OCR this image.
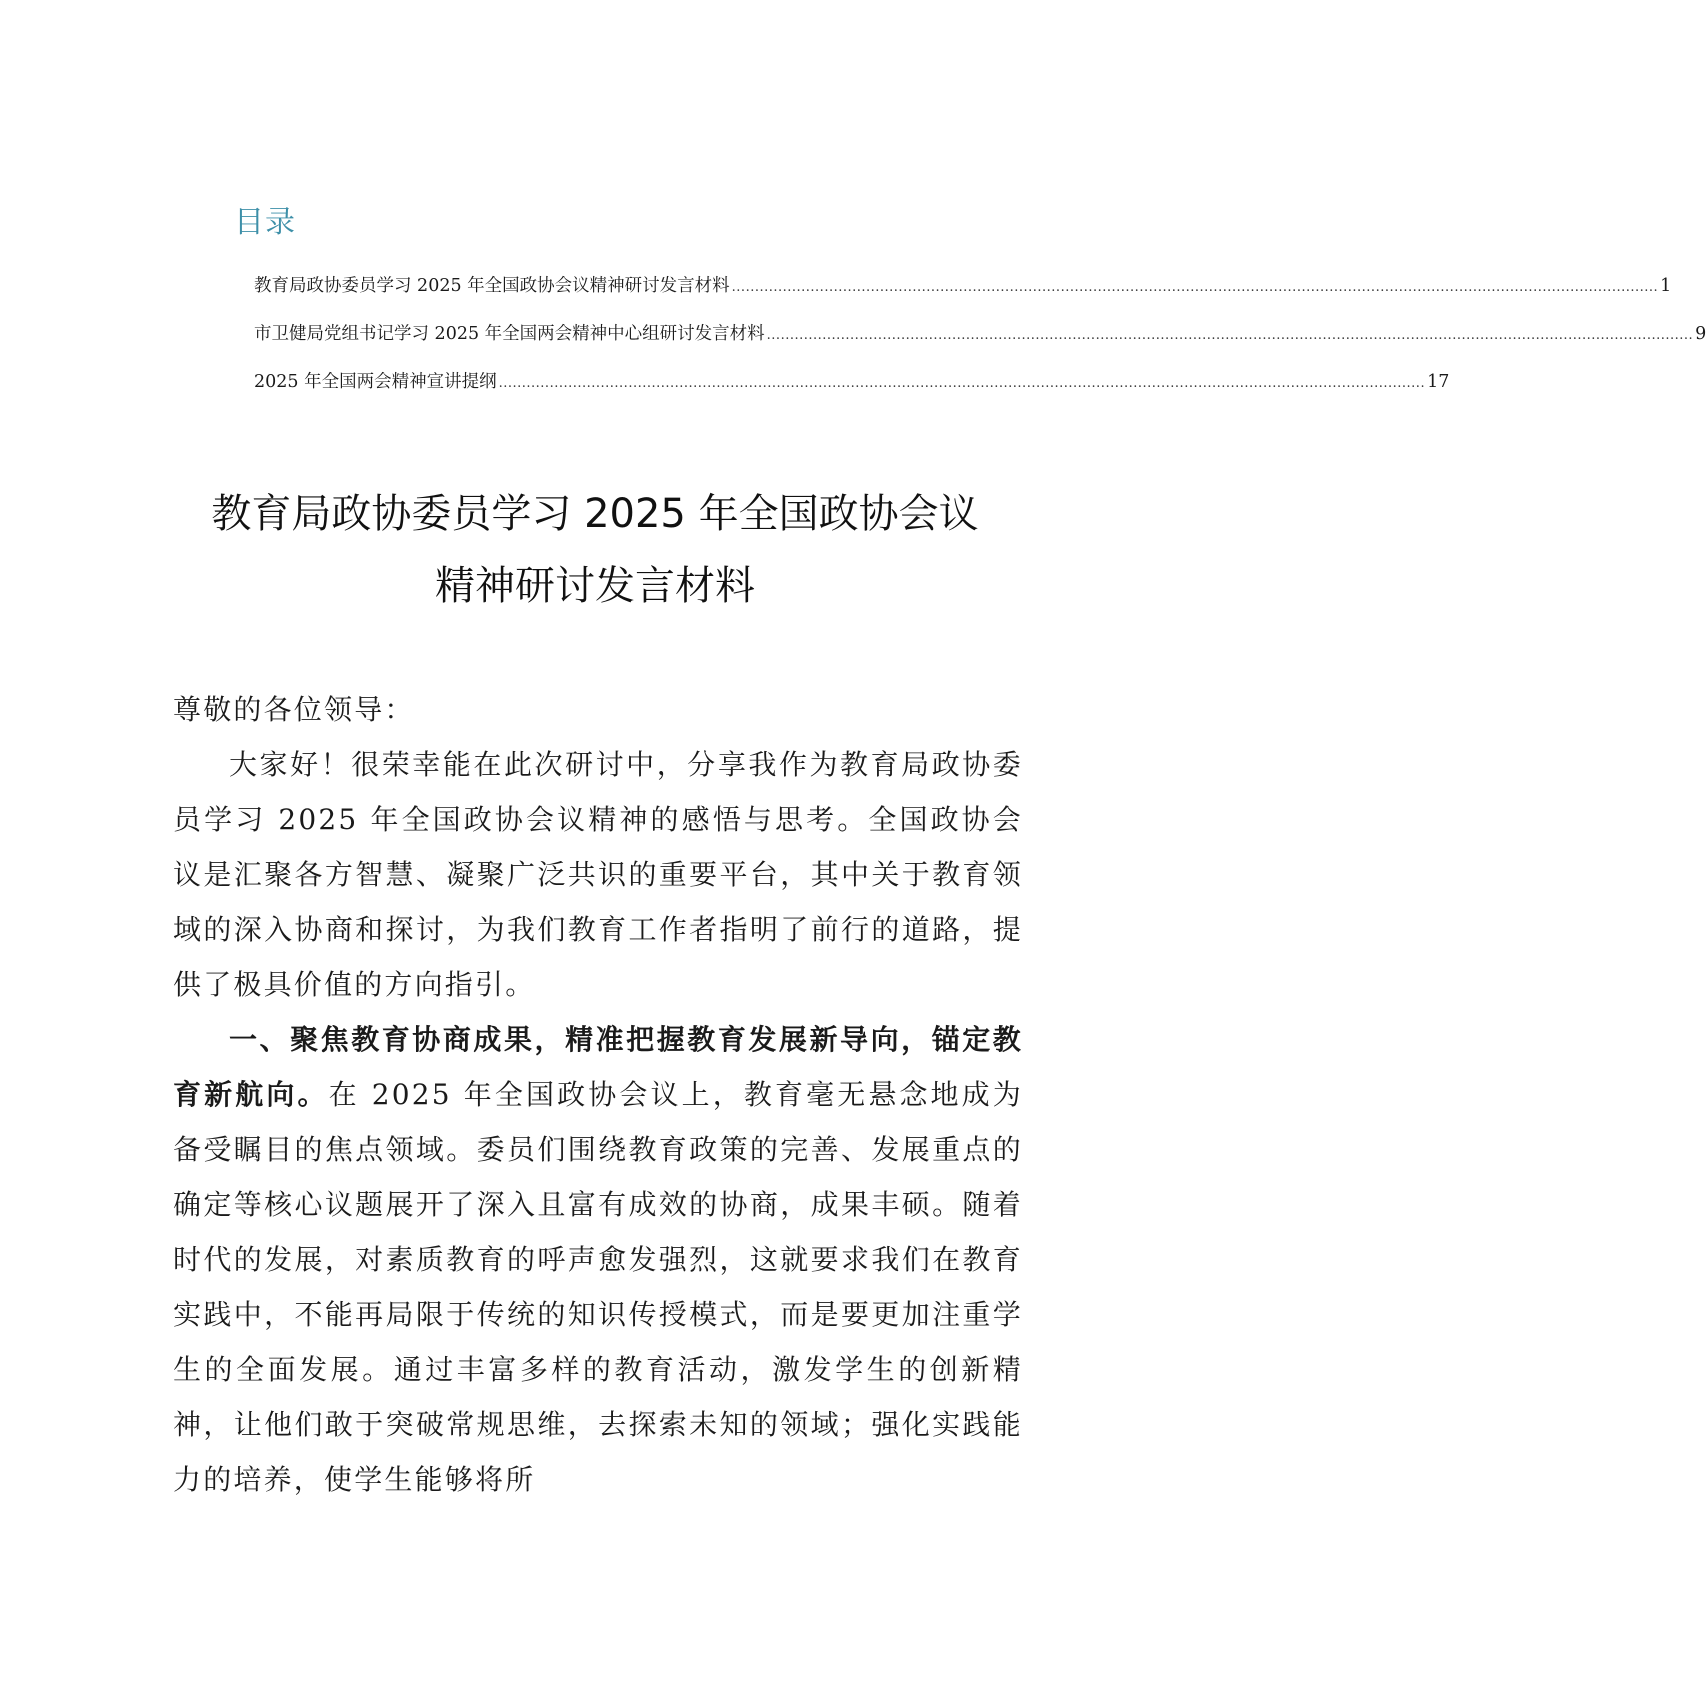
目录
教育局政协委员学习 2025 年全国政协会议精神研讨发言材料 ........................................................................................................................................................................................................ 1
市卫健局党组书记学习 2025 年全国两会精神中心组研讨发言材料 ........................................................................................................................................................................................................ 9
2025 年全国两会精神宣讲提纲 ........................................................................................................................................................................................................ 17
教育局政协委员学习 2025 年全国政协会议
精神研讨发言材料

尊敬的各位领导：

大家好！很荣幸能在此次研讨中，分享我作为教育局政协委员学习 2025 年全国政协会议精神的感悟与思考。全国政协会议是汇聚各方智慧、凝聚广泛共识的重要平台，其中关于教育领域的深入协商和探讨，为我们教育工作者指明了前行的道路，提供了极具价值的方向指引。

一、聚焦教育协商成果，精准把握教育发展新导向，锚定教育新航向。在 2025 年全国政协会议上，教育毫无悬念地成为备受瞩目的焦点领域。委员们围绕教育政策的完善、发展重点的确定等核心议题展开了深入且富有成效的协商，成果丰硕。随着时代的发展，对素质教育的呼声愈发强烈，这就要求我们在教育实践中，不能再局限于传统的知识传授模式，而是要更加注重学生的全面发展。通过丰富多样的教育活动，激发学生的创新精神，让他们敢于突破常规思维，去探索未知的领域；强化实践能力的培养，使学生能够将所
